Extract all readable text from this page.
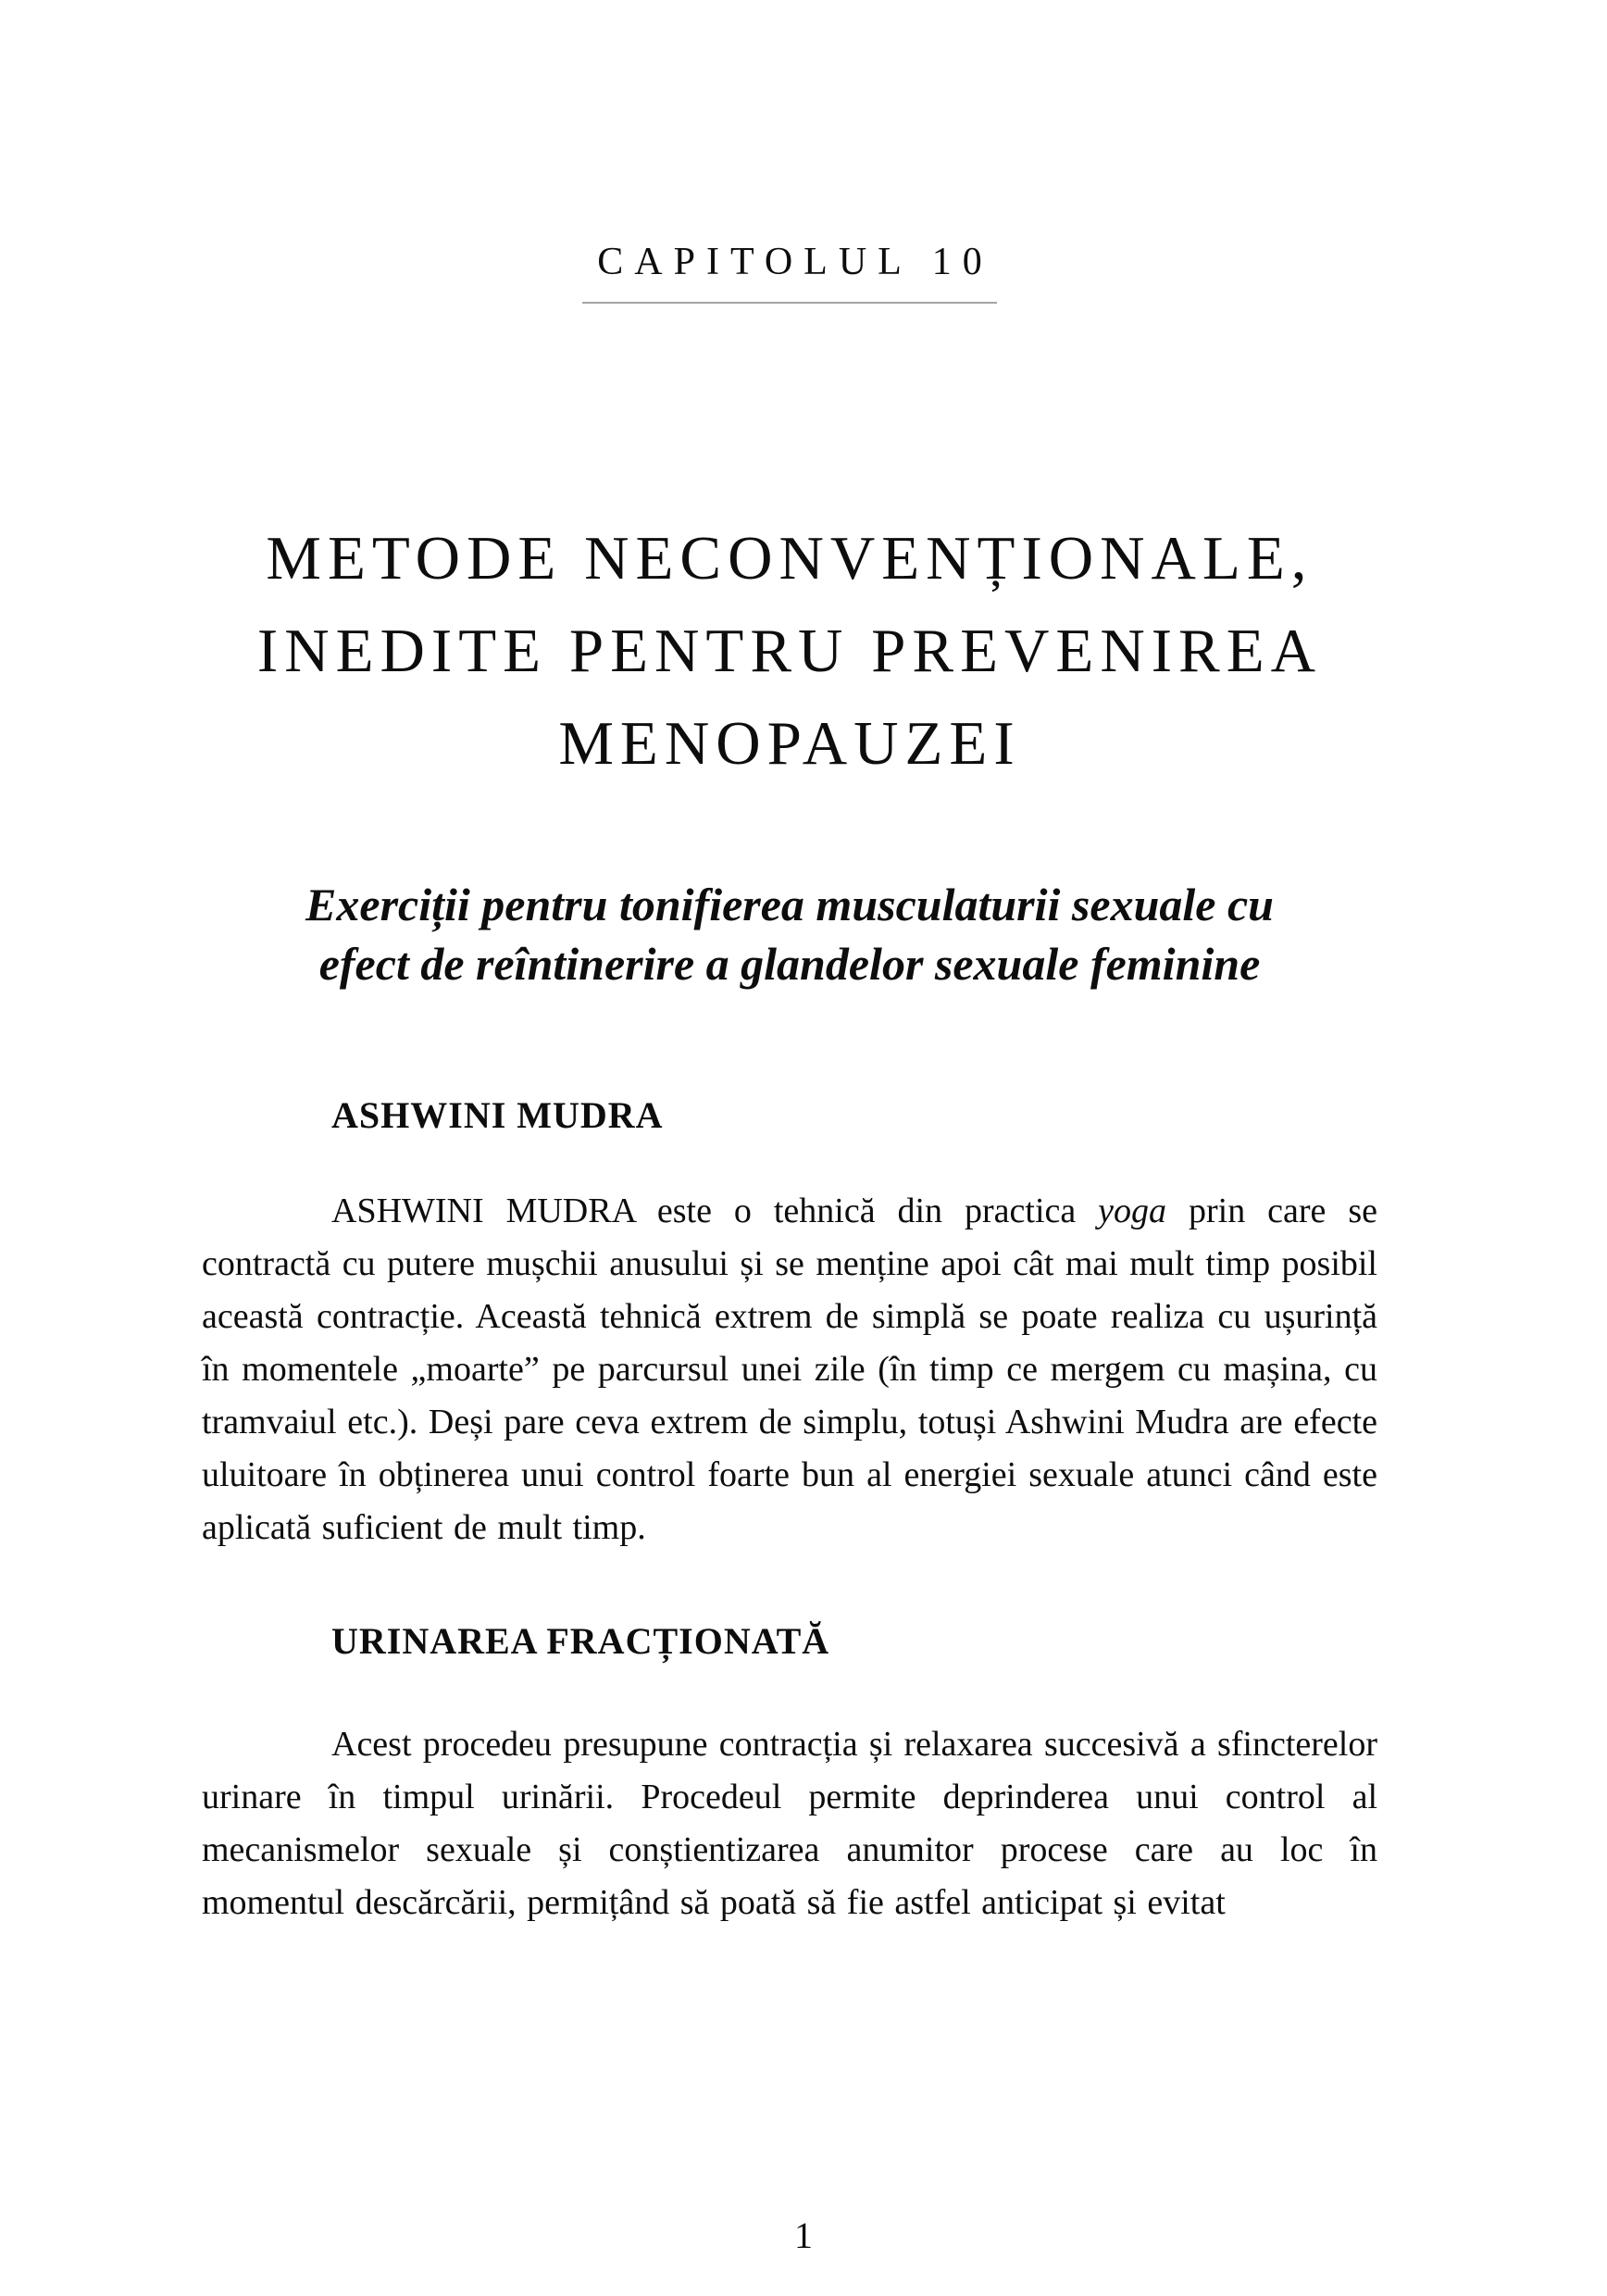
CAPITOLUL 10
METODE NECONVENȚIONALE,
INEDITE PENTRU PREVENIREA
MENOPAUZEI
Exerciții pentru tonifierea musculaturii sexuale cu
efect de reîntinerire a glandelor sexuale feminine
ASHWINI MUDRA

ASHWINI MUDRA este o tehnică din practica yoga prin care se contractă cu putere mușchii anusului și se menține apoi cât mai mult timp posibil această contracție. Această tehnică extrem de simplă se poate realiza cu ușurință în momentele „moarte” pe parcursul unei zile (în timp ce mergem cu mașina, cu tramvaiul etc.). Deși pare ceva extrem de simplu, totuși Ashwini Mudra are efecte uluitoare în obținerea unui control foarte bun al energiei sexuale atunci când este aplicată suficient de mult timp.

URINAREA FRACȚIONATĂ

Acest procedeu presupune contracția și relaxarea succesivă a sfincterelor urinare în timpul urinării. Procedeul permite deprinderea unui control al mecanismelor sexuale și conștientizarea anumitor procese care au loc în momentul descărcării, permițând să poată să fie astfel anticipat și evitat

1
